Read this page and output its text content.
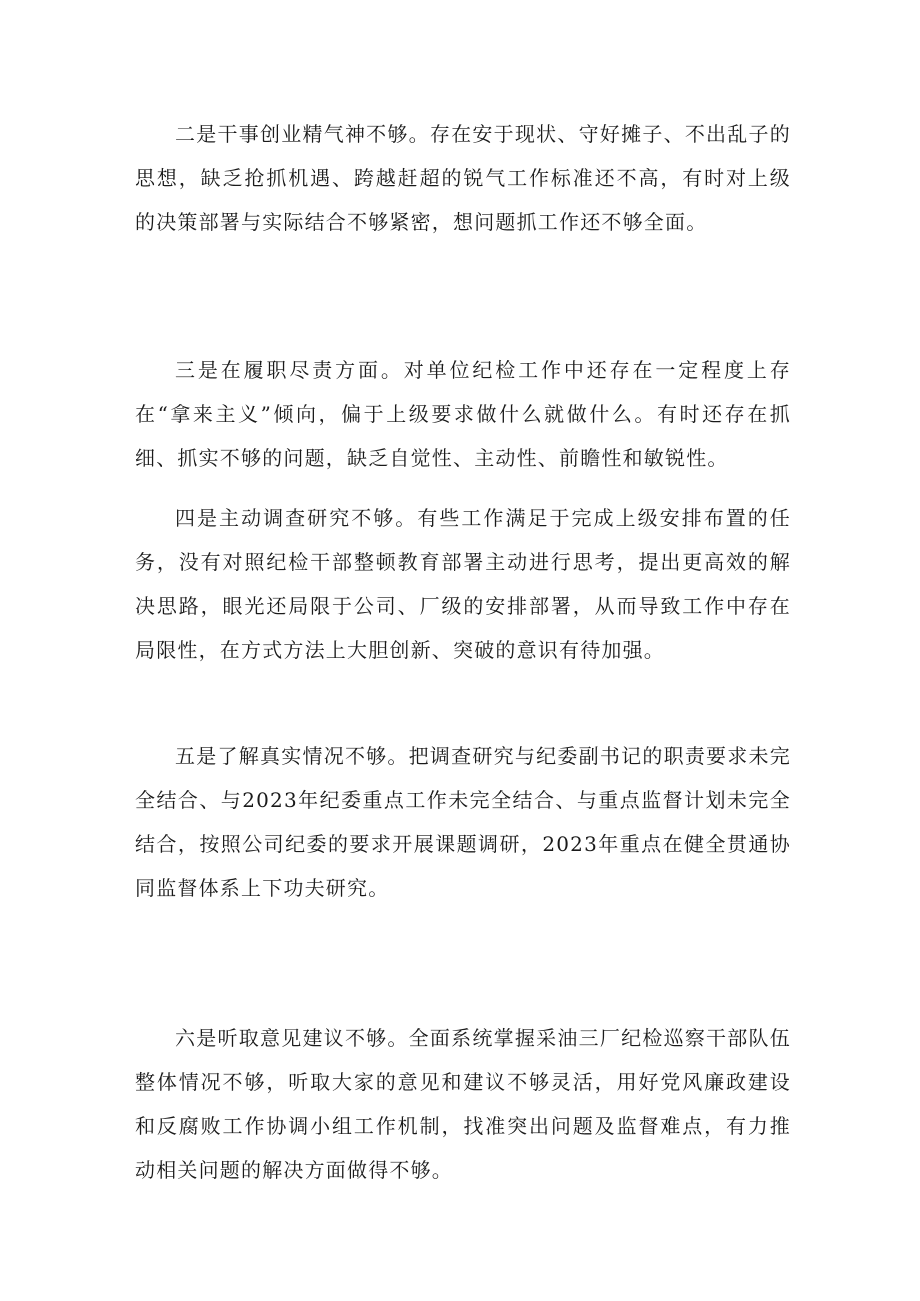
二是干事创业精气神不够。存在安于现状、守好摊子、不出乱子的思想，缺乏抢抓机遇、跨越赶超的锐气工作标准还不高，有时对上级的决策部署与实际结合不够紧密，想问题抓工作还不够全面。

三是在履职尽责方面。对单位纪检工作中还存在一定程度上存在“拿来主义”倾向，偏于上级要求做什么就做什么。有时还存在抓细、抓实不够的问题，缺乏自觉性、主动性、前瞻性和敏锐性。

四是主动调查研究不够。有些工作满足于完成上级安排布置的任务，没有对照纪检干部整顿教育部署主动进行思考，提出更高效的解决思路，眼光还局限于公司、厂级的安排部署，从而导致工作中存在局限性，在方式方法上大胆创新、突破的意识有待加强。

五是了解真实情况不够。把调查研究与纪委副书记的职责要求未完全结合、与2023年纪委重点工作未完全结合、与重点监督计划未完全结合，按照公司纪委的要求开展课题调研，2023年重点在健全贯通协同监督体系上下功夫研究。

六是听取意见建议不够。全面系统掌握采油三厂纪检巡察干部队伍整体情况不够，听取大家的意见和建议不够灵活，用好党风廉政建设和反腐败工作协调小组工作机制，找准突出问题及监督难点，有力推动相关问题的解决方面做得不够。
